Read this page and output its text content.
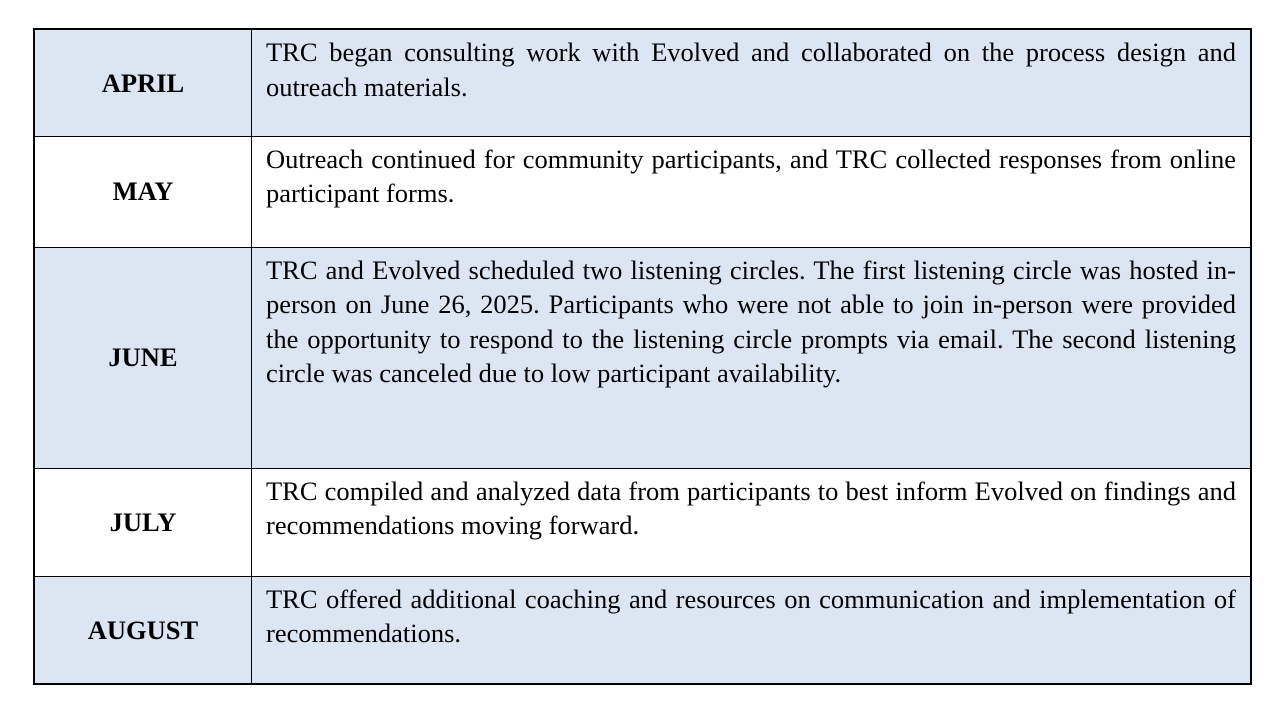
APRIL	TRC began consulting work with Evolved and collaborated on the process design and outreach materials.
MAY	Outreach continued for community participants, and TRC collected responses from online participant forms.
JUNE	TRC and Evolved scheduled two listening circles. The first listening circle was hosted in-person on June 26, 2025. Participants who were not able to join in-person were provided the opportunity to respond to the listening circle prompts via email. The second listening circle was canceled due to low participant availability.
JULY	TRC compiled and analyzed data from participants to best inform Evolved on findings and recommendations moving forward.
AUGUST	TRC offered additional coaching and resources on communication and implementation of recommendations.
